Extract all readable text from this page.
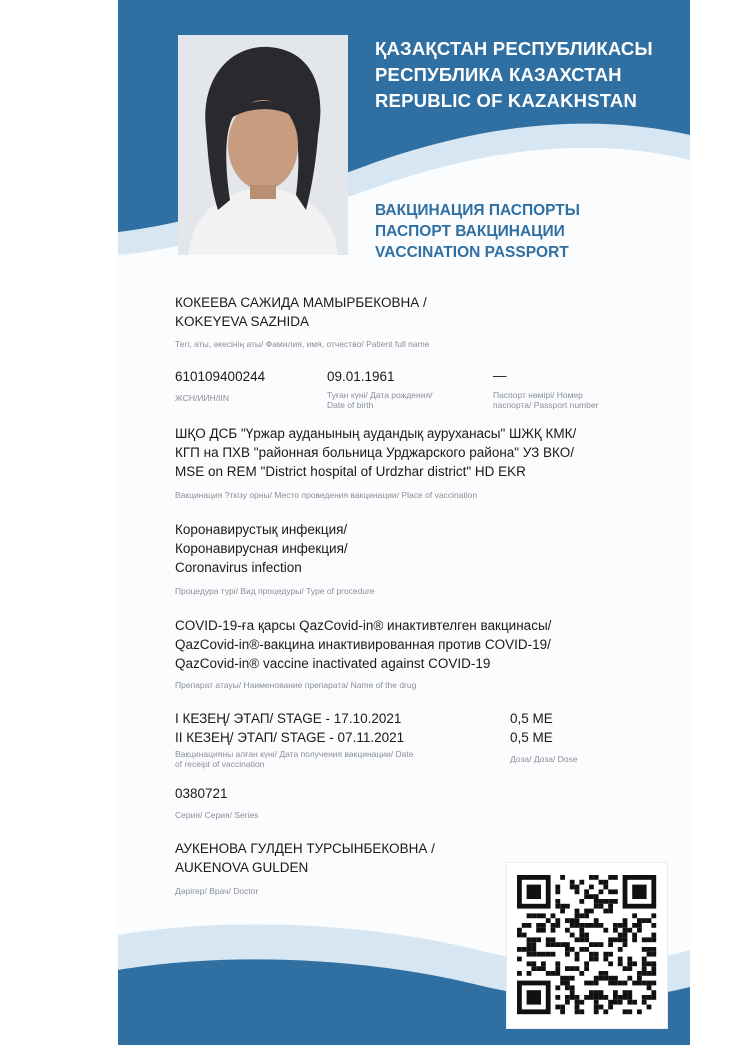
ҚАЗАҚСТАН РЕСПУБЛИКАСЫ
РЕСПУБЛИКА КАЗАХСТАН
REPUBLIC OF KAZAKHSTAN
ВАКЦИНАЦИЯ ПАСПОРТЫ
ПАСПОРТ ВАКЦИНАЦИИ
VACCINATION PASSPORT
КОКЕЕВА САЖИДА МАМЫРБЕКОВНА /
KOKEYEVA SAZHIDA
Тегі, аты, әкесінің аты/ Фамилия, имя, отчество/ Patient full name
610109400244
ЖСН/ИИН/IIN
09.01.1961
Туған күні/ Дата рождения/
Date of birth
—
Паспорт нөмірі/ Номер
паспорта/ Passport number
ШҚО ДСБ "Үржар ауданының аудандық ауруханасы" ШЖҚ КМК/
КГП на ПХВ "районная больница Урджарского района" УЗ ВКО/
MSE on REM "District hospital of Urdzhar district" HD EKR
Вакцинация ?ткізу орны/ Место проведения вакцинации/ Place of vaccination
Коронавирустық инфекция/
Коронавирусная инфекция/
Coronavirus infection
Процедура түрі/ Вид процедуры/ Type of procedure
COVID-19-ға қарсы QazCovid-in® инактивтелген вакцинасы/
QazCovid-in®-вакцина инактивированная против COVID-19/
QazCovid-in® vaccine inactivated against COVID-19
Препарат атауы/ Наименование препарата/ Name of the drug
I КЕЗЕҢ/ ЭТАП/ STAGE - 17.10.2021
II КЕЗЕҢ/ ЭТАП/ STAGE - 07.11.2021
0,5 МЕ
0,5 МЕ
Вакцинацияны алған күні/ Дата получения вакцинации/ Date
of receipt of vaccination	Доза/ Доза/ Dose
0380721
Серия/ Серия/ Series
АУКЕНОВА ГУЛДЕН ТУРСЫНБЕКОВНА /
AUKENOVA GULDEN
Дәрігер/ Врач/ Doctor
